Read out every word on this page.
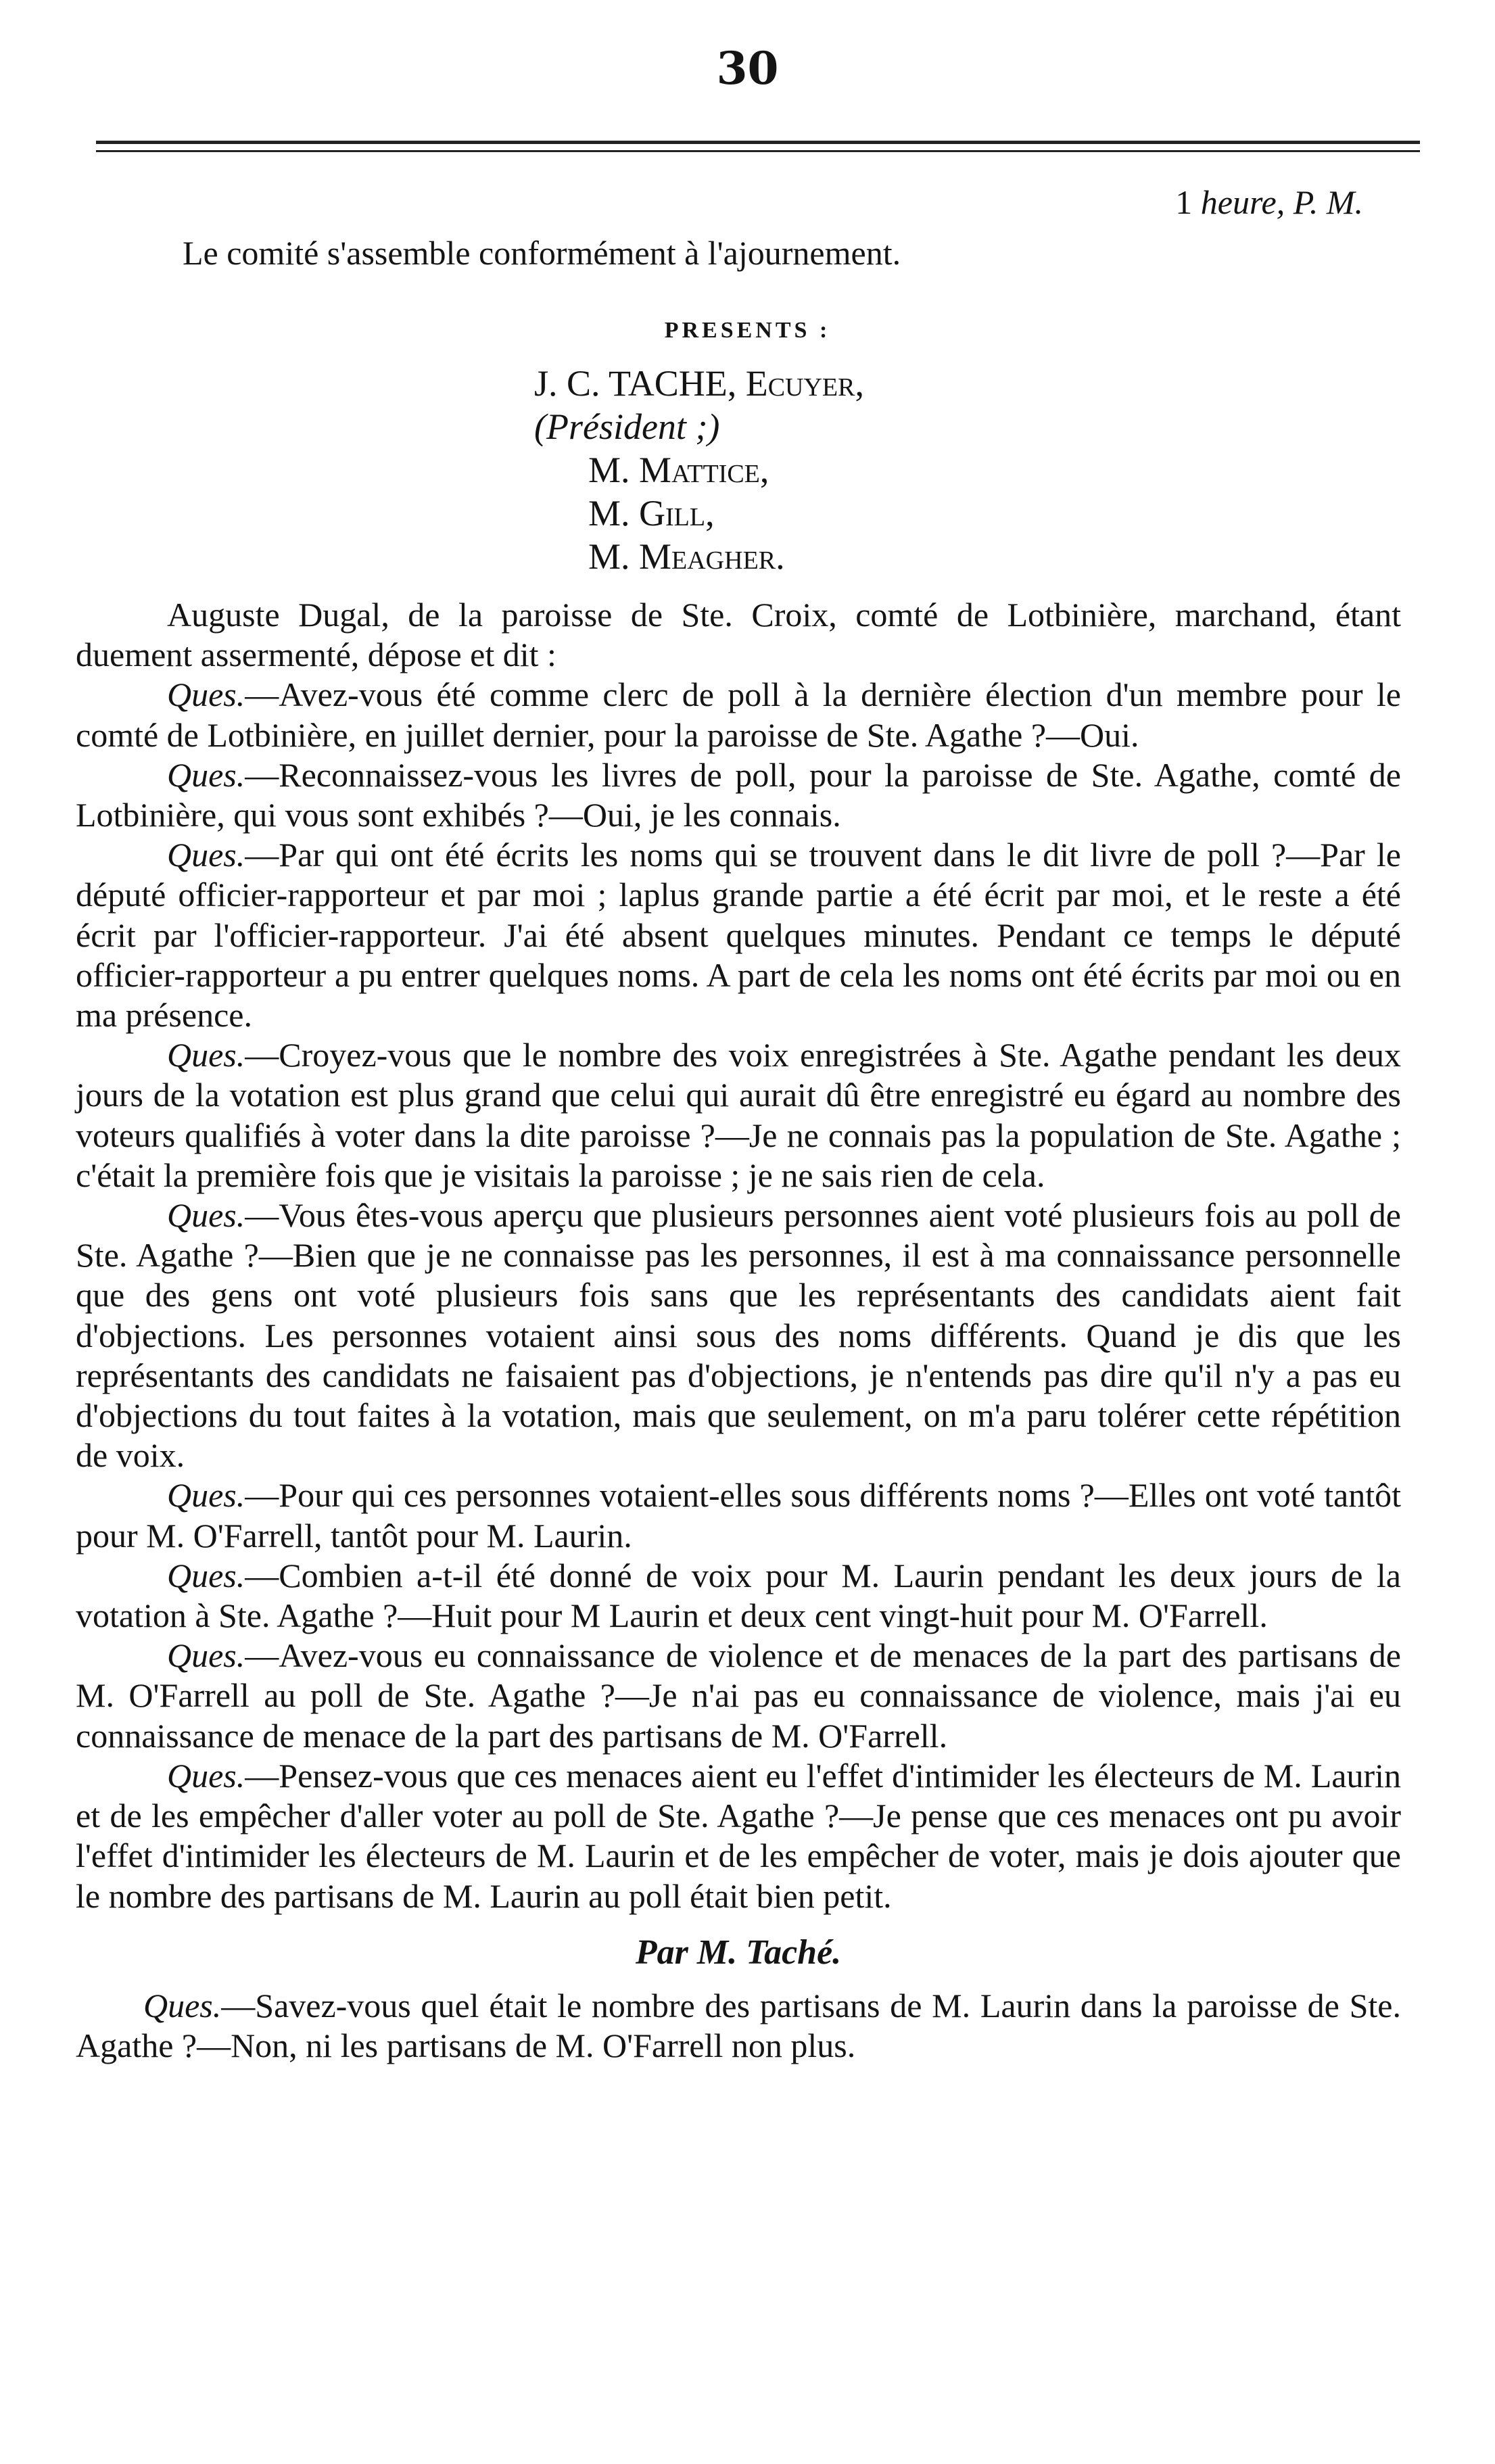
30
1 heure, P. M.
Le comité s'assemble conformément à l'ajournement.
PRESENTS :
J. C. TACHE, Ecuyer,
(Président ;)
M. Mattice,
M. Gill,
M. Meagher.

Auguste Dugal, de la paroisse de Ste. Croix, comté de Lotbinière, marchand, étant duement assermenté, dépose et dit :

Ques.—Avez-vous été comme clerc de poll à la dernière élection d'un membre pour le comté de Lotbinière, en juillet dernier, pour la paroisse de Ste. Agathe ?—Oui.

Ques.—Reconnaissez-vous les livres de poll, pour la paroisse de Ste. Agathe, comté de Lotbinière, qui vous sont exhibés ?—Oui, je les connais.

Ques.—Par qui ont été écrits les noms qui se trouvent dans le dit livre de poll ?—Par le député officier-rapporteur et par moi ; laplus grande partie a été écrit par moi, et le reste a été écrit par l'officier-rapporteur. J'ai été absent quelques minutes. Pendant ce temps le député officier-rapporteur a pu entrer quelques noms. A part de cela les noms ont été écrits par moi ou en ma présence.

Ques.—Croyez-vous que le nombre des voix enregistrées à Ste. Agathe pendant les deux jours de la votation est plus grand que celui qui aurait dû être enregistré eu égard au nombre des voteurs qualifiés à voter dans la dite paroisse ?—Je ne connais pas la population de Ste. Agathe ; c'était la première fois que je visitais la paroisse ; je ne sais rien de cela.

Ques.—Vous êtes-vous aperçu que plusieurs personnes aient voté plusieurs fois au poll de Ste. Agathe ?—Bien que je ne connaisse pas les personnes, il est à ma connaissance personnelle que des gens ont voté plusieurs fois sans que les représentants des candidats aient fait d'objections. Les personnes votaient ainsi sous des noms différents. Quand je dis que les représentants des candidats ne faisaient pas d'objections, je n'entends pas dire qu'il n'y a pas eu d'objections du tout faites à la votation, mais que seulement, on m'a paru tolérer cette répétition de voix.

Ques.—Pour qui ces personnes votaient-elles sous différents noms ?—Elles ont voté tantôt pour M. O'Farrell, tantôt pour M. Laurin.

Ques.—Combien a-t-il été donné de voix pour M. Laurin pendant les deux jours de la votation à Ste. Agathe ?—Huit pour M Laurin et deux cent vingt-huit pour M. O'Farrell.

Ques.—Avez-vous eu connaissance de violence et de menaces de la part des partisans de M. O'Farrell au poll de Ste. Agathe ?—Je n'ai pas eu connaissance de violence, mais j'ai eu connaissance de menace de la part des partisans de M. O'Farrell.

Ques.—Pensez-vous que ces menaces aient eu l'effet d'intimider les électeurs de M. Laurin et de les empêcher d'aller voter au poll de Ste. Agathe ?—Je pense que ces menaces ont pu avoir l'effet d'intimider les électeurs de M. Laurin et de les empêcher de voter, mais je dois ajouter que le nombre des partisans de M. Laurin au poll était bien petit.

Par M. Taché.

Ques.—Savez-vous quel était le nombre des partisans de M. Laurin dans la paroisse de Ste. Agathe ?—Non, ni les partisans de M. O'Farrell non plus.
